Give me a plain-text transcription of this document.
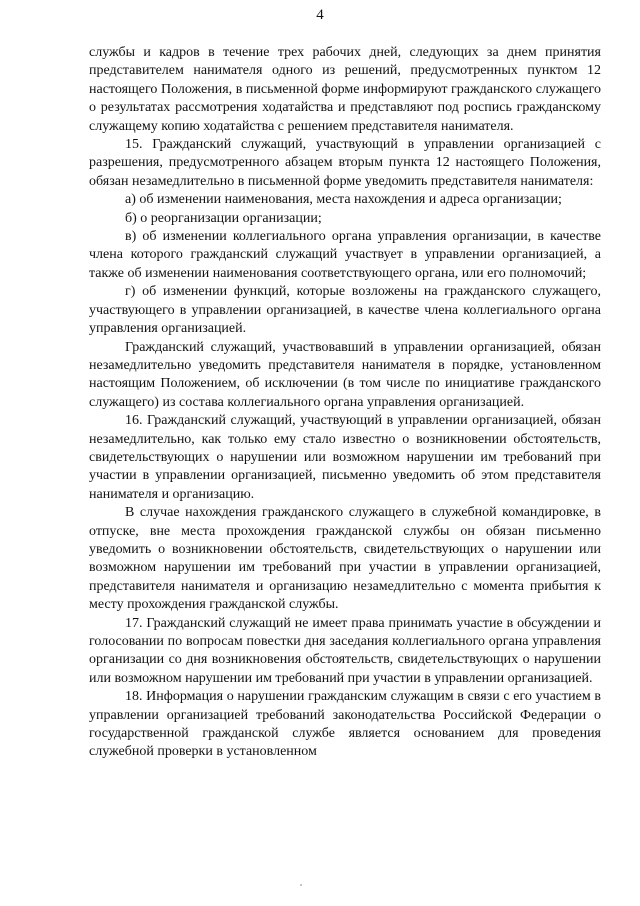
4

службы и кадров в течение трех рабочих дней, следующих за днем принятия представителем нанимателя одного из решений, предусмотренных пунктом 12 настоящего Положения, в письменной форме информируют гражданского служащего о результатах рассмотрения ходатайства и представляют под роспись гражданскому служащему копию ходатайства с решением представителя нанимателя.

15. Гражданский служащий, участвующий в управлении организацией с разрешения, предусмотренного абзацем вторым пункта 12 настоящего Положения, обязан незамедлительно в письменной форме уведомить представителя нанимателя:

а) об изменении наименования, места нахождения и адреса организации;

б) о реорганизации организации;

в) об изменении коллегиального органа управления организации, в качестве члена которого гражданский служащий участвует в управлении организацией, а также об изменении наименования соответствующего органа, или его полномочий;

г) об изменении функций, которые возложены на гражданского служащего, участвующего в управлении организацией, в качестве члена коллегиального органа управления организацией.

Гражданский служащий, участвовавший в управлении организацией, обязан незамедлительно уведомить представителя нанимателя в порядке, установленном настоящим Положением, об исключении (в том числе по инициативе гражданского служащего) из состава коллегиального органа управления организацией.

16. Гражданский служащий, участвующий в управлении организацией, обязан незамедлительно, как только ему стало известно о возникновении обстоятельств, свидетельствующих о нарушении или возможном нарушении им требований при участии в управлении организацией, письменно уведомить об этом представителя нанимателя и организацию.

В случае нахождения гражданского служащего в служебной командировке, в отпуске, вне места прохождения гражданской службы он обязан письменно уведомить о возникновении обстоятельств, свидетельствующих о нарушении или возможном нарушении им требований при участии в управлении организацией, представителя нанимателя и организацию незамедлительно с момента прибытия к месту прохождения гражданской службы.

17. Гражданский служащий не имеет права принимать участие в обсуждении и голосовании по вопросам повестки дня заседания коллегиального органа управления организации со дня возникновения обстоятельств, свидетельствующих о нарушении или возможном нарушении им требований при участии в управлении организацией.

18. Информация о нарушении гражданским служащим в связи с его участием в управлении организацией требований законодательства Российской Федерации о государственной гражданской службе является основанием для проведения служебной проверки в установленном
